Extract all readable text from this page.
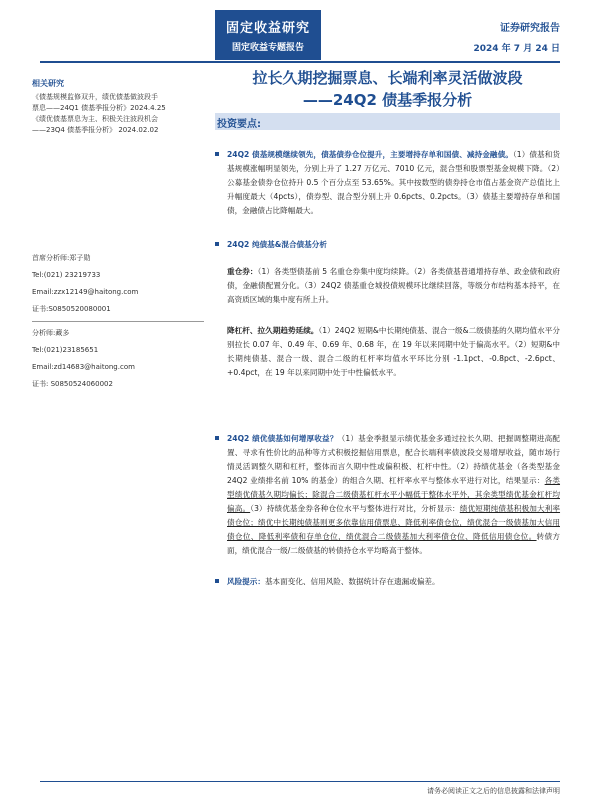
固定收益研究
固定收益专题报告
证券研究报告
2024 年 7 月 24 日
拉长久期挖掘票息、长端利率灵活做波段
——24Q2 债基季报分析
相关研究
《债基规模监修双升，绩优债基做波段手
票息——24Q1 债基季报分析》2024.4.25
《绩优债基票息为主、积极关注波段机会
——23Q4 债基季报分析》 2024.02.02
首席分析师:郑子勋
Tel:(021) 23219733
Email:zzx12149@haitong.com
证书:S0850520080001
分析师:藏多
Tel:(021)23185651
Email:zd14683@haitong.com
证书: S0850524060002
投资要点:
24Q2 债基规模继续领先，债基债券仓位提升，主要增持存单和国债、减持金融债。（1）债基和货基规模涨幅明显领先，分别上升了 1.27 万亿元、7010 亿元，混合型和股票型基金规模下降。（2）公募基金债券仓位持升 0.5 个百分点至 53.65%。其中按数型的债券持仓市值占基金资产总值比上升幅度最大（4pcts），债券型、混合型分别上升 0.6pcts、0.2pcts。（3）债基主要增持存单和国债，金融债占比降幅最大。
24Q2 纯债基&混合债基分析
重仓券：（1）各类型债基前 5 名重仓券集中度均续降。（2）各类债基普通增持存单、政金债和政府债，金融债配置分化。（3）24Q2 债基重仓城投债规模环比继续回落，等级分布结构基本持平，在高资质区域的集中度有所上升。
降杠杆、拉久期趋势延续。（1）24Q2 短期&中长期纯债基、混合一级&二级债基的久期均值水平分别拉长 0.07 年、0.49 年、0.69 年、0.68 年，在 19 年以来同期中处于偏高水平。（2）短期&中长期纯债基、混合一级、混合二级的杠杆率均值水平环比分别 -1.1pct、-0.8pct、-2.6pct、+0.4pct，在 19 年以来同期中处于中性偏低水平。
24Q2 绩优债基如何增厚收益？（1）基金季报显示绩优基金多通过拉长久期、把握调整期进高配置、寻求有性价比的品种等方式积极挖掘信用票息，配合长端利率债波段交易增厚收益，随市场行情灵活调整久期和杠杆，整体而言久期中性或偏积极、杠杆中性。（2）持绩优基金（各类型基金 24Q2 业绩排名前 10% 的基金）的组合久期、杠杆率水平与整体水平进行对比，结果显示：各类型绩优债基久期均偏长；除混合二级债基杠杆水平小幅低于整体水平外，其余类型绩优基金杠杆均偏高。（3）持绩优基金券各种仓位水平与整体进行对比，分析显示：绩优短期纯债基积极加大利率债仓位；绩优中长期纯债基则更多依靠信用债票息、降低利率债仓位，绩优混合一级债基加大信用债仓位、降低利率债和存单仓位，绩优混合二级债基加大利率债仓位、降低信用债仓位。转债方面，绩优混合一级/二级债基的转债持仓水平均略高于整体。
风险提示：基本面变化、信用风险、数据统计存在遗漏或偏差。
请务必阅读正文之后的信息披露和法律声明
